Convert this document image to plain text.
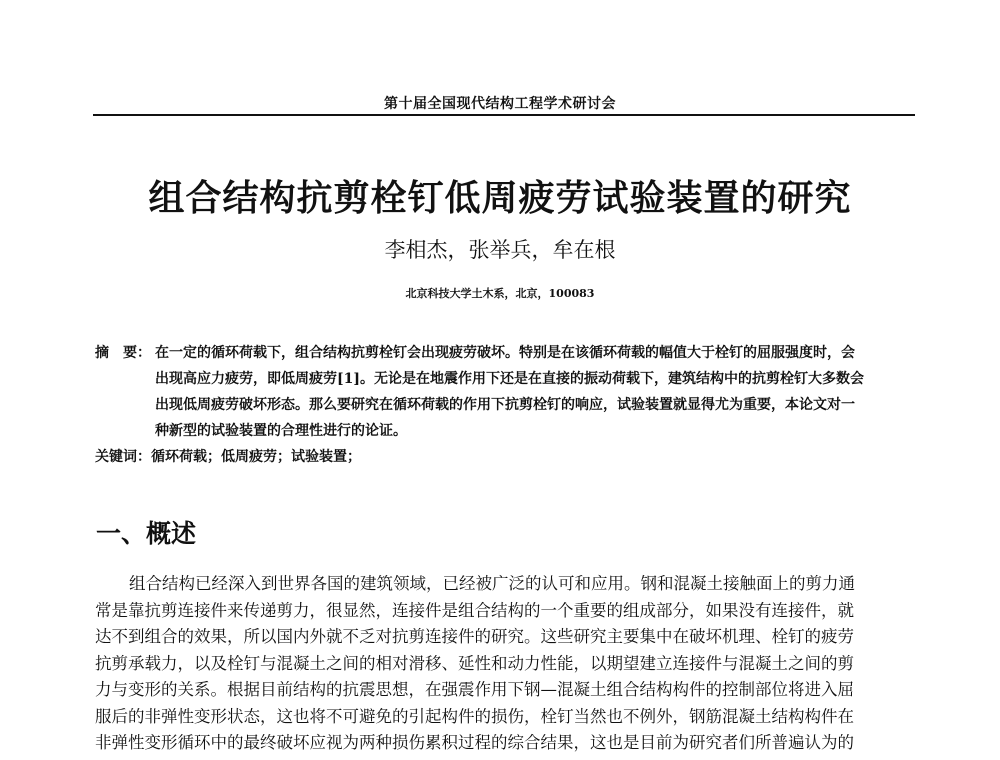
第十届全国现代结构工程学术研讨会
组合结构抗剪栓钉低周疲劳试验装置的研究
李相杰，张举兵，牟在根
北京科技大学土木系，北京，100083
摘　要： 在一定的循环荷载下，组合结构抗剪栓钉会出现疲劳破坏。特别是在该循环荷载的幅值大于栓钉的屈服强度时，会
出现高应力疲劳，即低周疲劳[1]。无论是在地震作用下还是在直接的振动荷载下，建筑结构中的抗剪栓钉大多数会
出现低周疲劳破坏形态。那么要研究在循环荷载的作用下抗剪栓钉的响应，试验装置就显得尤为重要，本论文对一
种新型的试验装置的合理性进行的论证。
关键词：循环荷载；低周疲劳；试验装置；
一、概述
组合结构已经深入到世界各国的建筑领域，已经被广泛的认可和应用。钢和混凝土接触面上的剪力通
常是靠抗剪连接件来传递剪力，很显然，连接件是组合结构的一个重要的组成部分，如果没有连接件，就
达不到组合的效果，所以国内外就不乏对抗剪连接件的研究。这些研究主要集中在破坏机理、栓钉的疲劳
抗剪承载力，以及栓钉与混凝土之间的相对滑移、延性和动力性能，以期望建立连接件与混凝土之间的剪
力与变形的关系。根据目前结构的抗震思想，在强震作用下钢—混凝土组合结构构件的控制部位将进入屈
服后的非弹性变形状态，这也将不可避免的引起构件的损伤，栓钉当然也不例外，钢筋混凝土结构构件在
非弹性变形循环中的最终破坏应视为两种损伤累积过程的综合结果，这也是目前为研究者们所普遍认为的
